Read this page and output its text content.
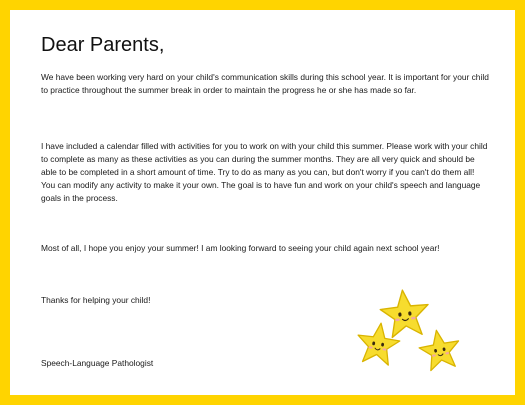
Dear Parents,

We have been working very hard on your child's communication skills during this school year. It is important for your child to practice throughout the summer break in order to maintain the progress he or she has made so far.

I have included a calendar filled with activities for you to work on with your child this summer. Please work with your child to complete as many as these activities as you can during the summer months. They are all very quick and should be able to be completed in a short amount of time. Try to do as many as you can, but don't worry if you can't do them all! You can modify any activity to make it your own. The goal is to have fun and work on your child's speech and language goals in the process.

Most of all, I hope you enjoy your summer! I am looking forward to seeing your child again next school year!

Thanks for helping your child!

Speech-Language Pathologist
